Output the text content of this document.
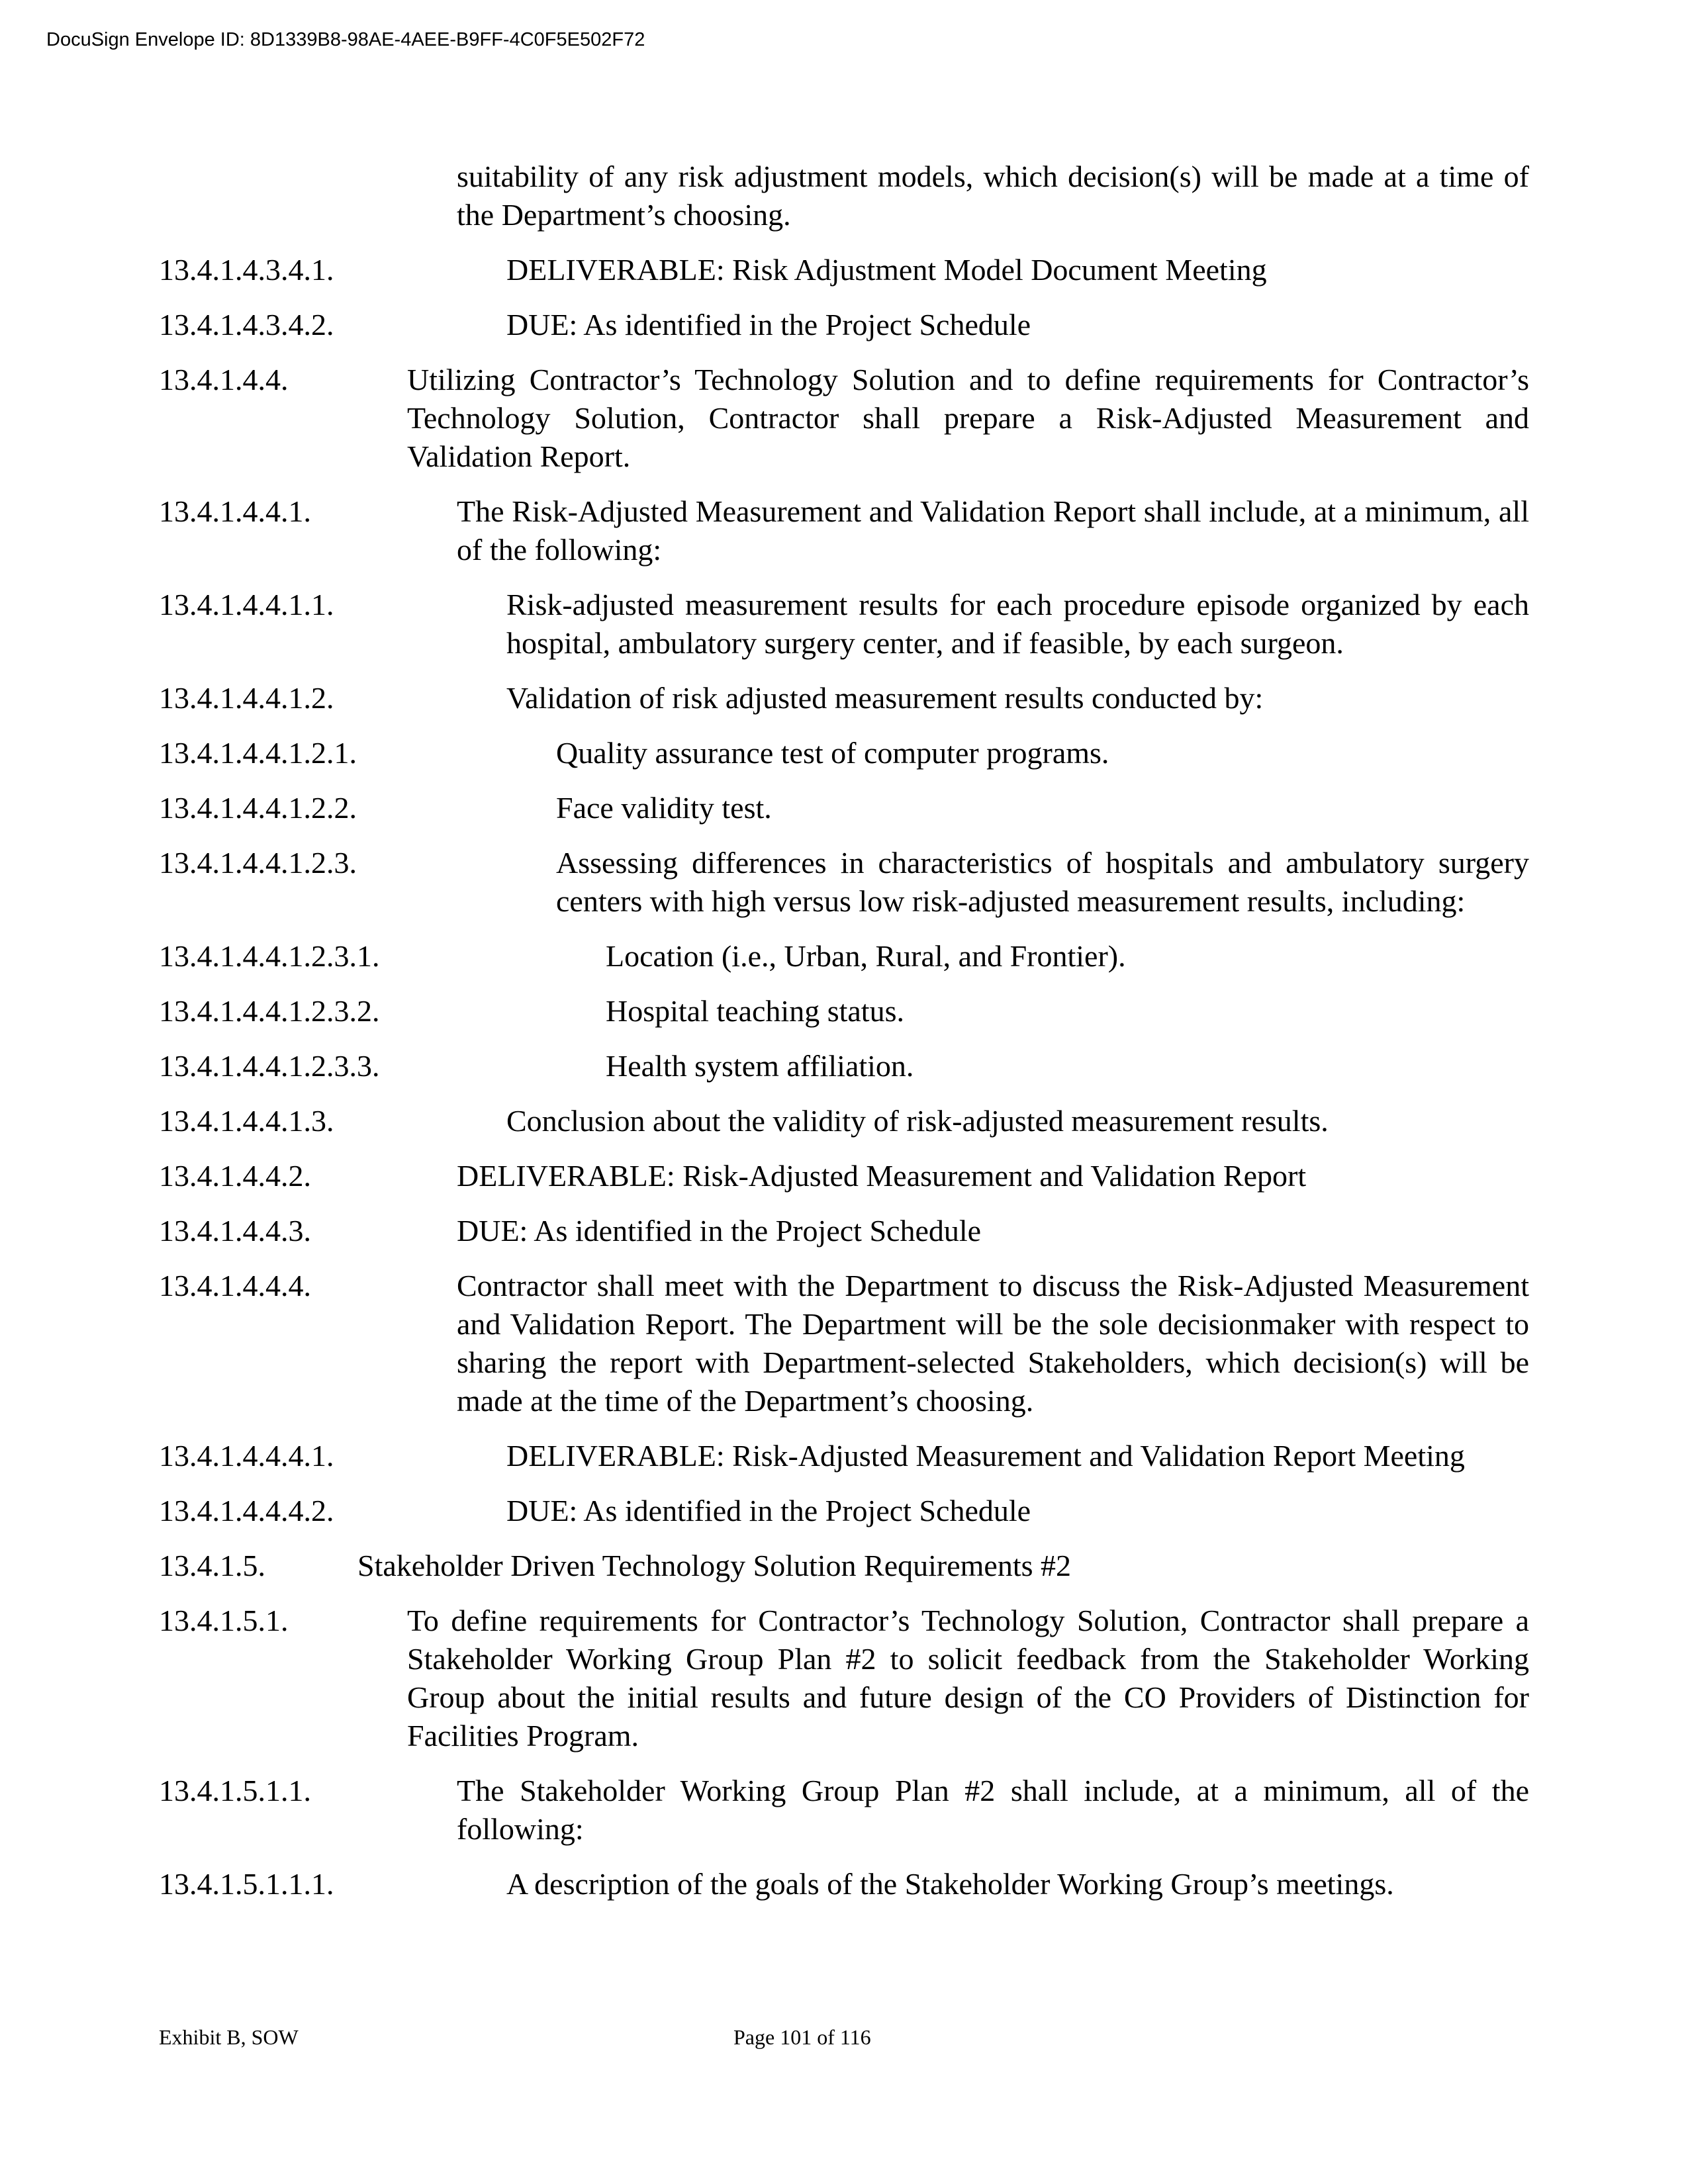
DocuSign Envelope ID: 8D1339B8-98AE-4AEE-B9FF-4C0F5E502F72
suitability of any risk adjustment models, which decision(s) will be made at a time of the Department’s choosing.
13.4.1.4.3.4.1.	DELIVERABLE: Risk Adjustment Model Document Meeting
13.4.1.4.3.4.2.	DUE: As identified in the Project Schedule
13.4.1.4.4.	Utilizing Contractor’s Technology Solution and to define requirements for Contractor’s Technology Solution, Contractor shall prepare a Risk-Adjusted Measurement and Validation Report.
13.4.1.4.4.1.	The Risk-Adjusted Measurement and Validation Report shall include, at a minimum, all of the following:
13.4.1.4.4.1.1.	Risk-adjusted measurement results for each procedure episode organized by each hospital, ambulatory surgery center, and if feasible, by each surgeon.
13.4.1.4.4.1.2.	Validation of risk adjusted measurement results conducted by:
13.4.1.4.4.1.2.1.	Quality assurance test of computer programs.
13.4.1.4.4.1.2.2.	Face validity test.
13.4.1.4.4.1.2.3.	Assessing differences in characteristics of hospitals and ambulatory surgery centers with high versus low risk-adjusted measurement results, including:
13.4.1.4.4.1.2.3.1.	Location (i.e., Urban, Rural, and Frontier).
13.4.1.4.4.1.2.3.2.	Hospital teaching status.
13.4.1.4.4.1.2.3.3.	Health system affiliation.
13.4.1.4.4.1.3.	Conclusion about the validity of risk-adjusted measurement results.
13.4.1.4.4.2.	DELIVERABLE: Risk-Adjusted Measurement and Validation Report
13.4.1.4.4.3.	DUE: As identified in the Project Schedule
13.4.1.4.4.4.	Contractor shall meet with the Department to discuss the Risk-Adjusted Measurement and Validation Report. The Department will be the sole decisionmaker with respect to sharing the report with Department-selected Stakeholders, which decision(s) will be made at the time of the Department’s choosing.
13.4.1.4.4.4.1.	DELIVERABLE: Risk-Adjusted Measurement and Validation Report Meeting
13.4.1.4.4.4.2.	DUE: As identified in the Project Schedule
13.4.1.5.	Stakeholder Driven Technology Solution Requirements #2
13.4.1.5.1.	To define requirements for Contractor’s Technology Solution, Contractor shall prepare a Stakeholder Working Group Plan #2 to solicit feedback from the Stakeholder Working Group about the initial results and future design of the CO Providers of Distinction for Facilities Program.
13.4.1.5.1.1.	The Stakeholder Working Group Plan #2 shall include, at a minimum, all of the following:
13.4.1.5.1.1.1.	A description of the goals of the Stakeholder Working Group’s meetings.
Exhibit B, SOW	Page 101 of 116
